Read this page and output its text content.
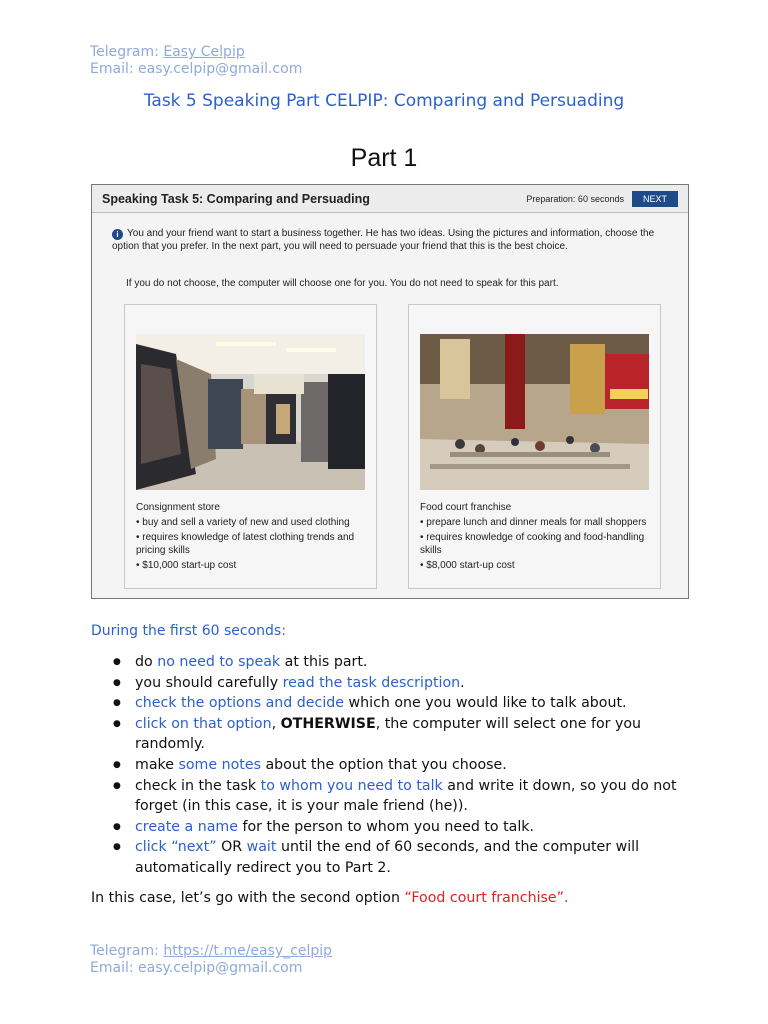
Telegram: Easy Celpip
Email: easy.celpip@gmail.com
Task 5 Speaking Part CELPIP: Comparing and Persuading
Part 1
Speaking Task 5: Comparing and Persuading	Preparation: 60 seconds	NEXT
i You and your friend want to start a business together. He has two ideas. Using the pictures and information, choose the option that you prefer. In the next part, you will need to persuade your friend that this is the best choice.
If you do not choose, the computer will choose one for you. You do not need to speak for this part.
Consignment store
• buy and sell a variety of new and used clothing
• requires knowledge of latest clothing trends and pricing skills
• $10,000 start-up cost
Food court franchise
• prepare lunch and dinner meals for mall shoppers
• requires knowledge of cooking and food-handling skills
• $8,000 start-up cost
During the first 60 seconds:
● do no need to speak at this part.
● you should carefully read the task description.
● check the options and decide which one you would like to talk about.
● click on that option, OTHERWISE, the computer will select one for you randomly.
● make some notes about the option that you choose.
● check in the task to whom you need to talk and write it down, so you do not forget (in this case, it is your male friend (he)).
● create a name for the person to whom you need to talk.
● click “next” OR wait until the end of 60 seconds, and the computer will automatically redirect you to Part 2.
In this case, let’s go with the second option “Food court franchise”.
Telegram: https://t.me/easy_celpip
Email: easy.celpip@gmail.com
